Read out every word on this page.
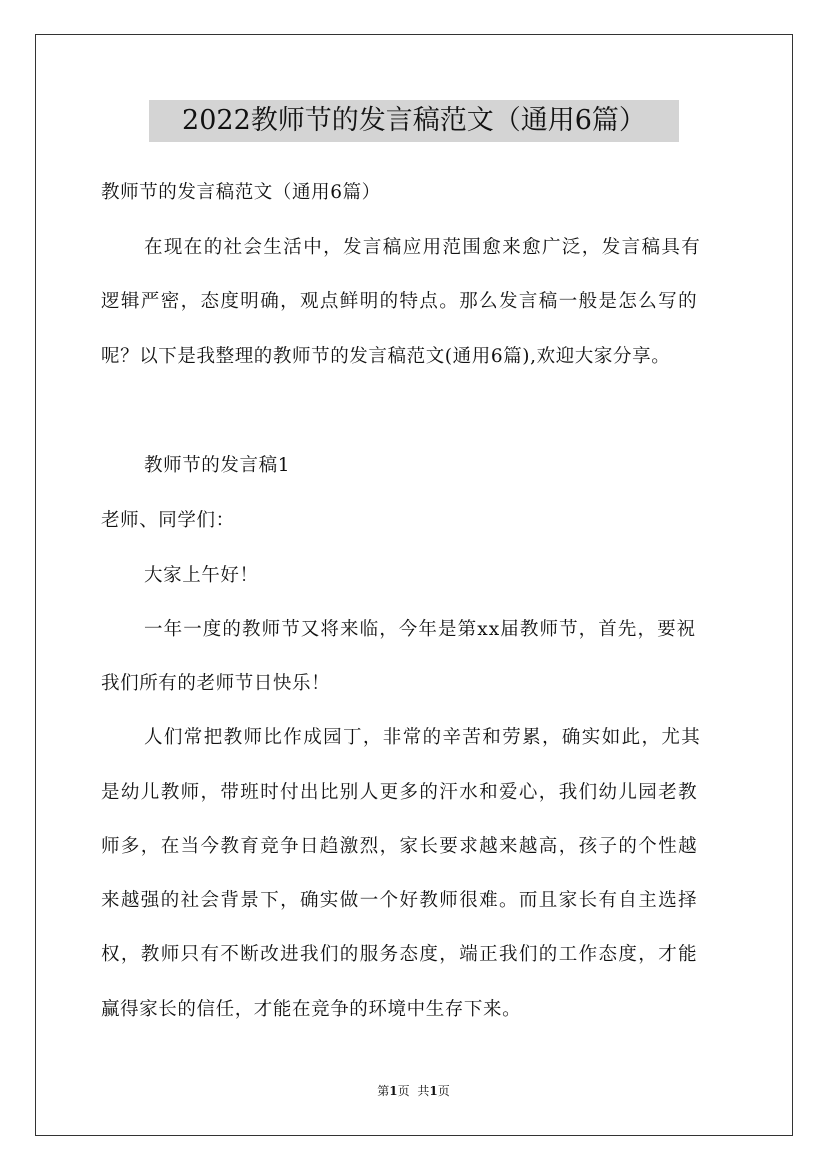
2022教师节的发言稿范文（通用6篇）
教师节的发言稿范文（通用6篇）
在现在的社会生活中，发言稿应用范围愈来愈广泛，发言稿具有
逻辑严密，态度明确，观点鲜明的特点。那么发言稿一般是怎么写的
呢？以下是我整理的教师节的发言稿范文(通用6篇),欢迎大家分享。
教师节的发言稿1
老师、同学们：
大家上午好！
一年一度的教师节又将来临，今年是第xx届教师节，首先，要祝
我们所有的老师节日快乐！
人们常把教师比作成园丁，非常的辛苦和劳累，确实如此，尤其
是幼儿教师，带班时付出比别人更多的汗水和爱心，我们幼儿园老教
师多，在当今教育竞争日趋激烈，家长要求越来越高，孩子的个性越
来越强的社会背景下，确实做一个好教师很难。而且家长有自主选择
权，教师只有不断改进我们的服务态度，端正我们的工作态度，才能
赢得家长的信任，才能在竞争的环境中生存下来。
第1页 共1页
